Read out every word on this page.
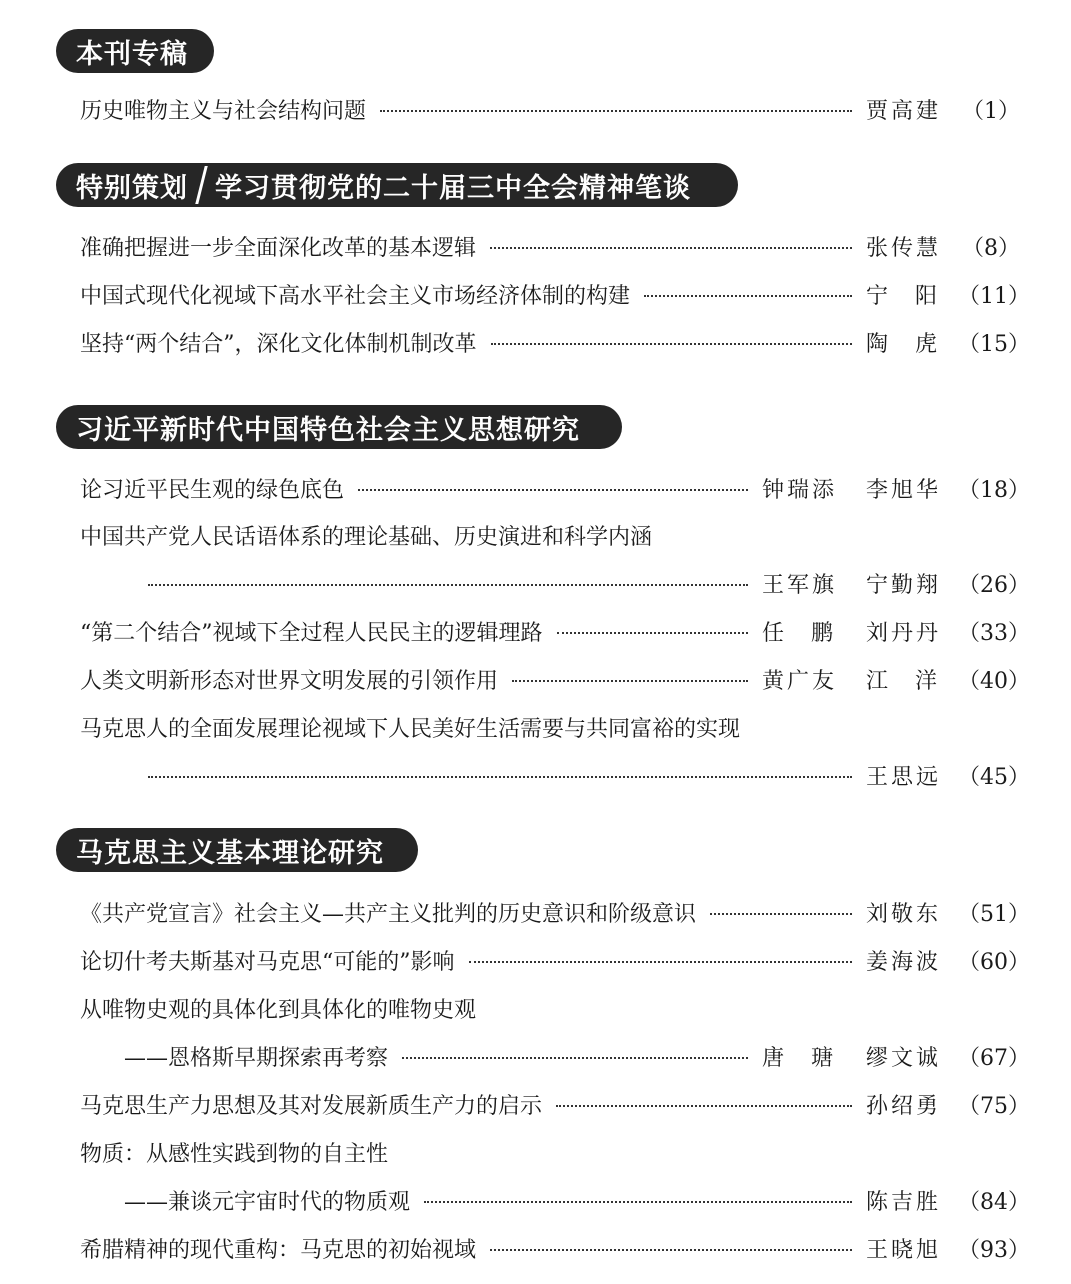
本刊专稿
历史唯物主义与社会结构问题	贾高建 （1）
特别策划 学习贯彻党的二十届三中全会精神笔谈
准确把握进一步全面深化改革的基本逻辑	张传慧 （8）
中国式现代化视域下高水平社会主义市场经济体制的构建	宁 阳 （11）
坚持“两个结合”，深化文化体制机制改革	陶 虎 （15）
习近平新时代中国特色社会主义思想研究
论习近平民生观的绿色底色	钟瑞添	李旭华 （18）
中国共产党人民话语体系的理论基础、历史演进和科学内涵
王军旗	宁勤翔 （26）
“第二个结合”视域下全过程人民民主的逻辑理路	任 鹏	刘丹丹 （33）
人类文明新形态对世界文明发展的引领作用	黄广友	江 洋 （40）
马克思人的全面发展理论视域下人民美好生活需要与共同富裕的实现
王思远 （45）
马克思主义基本理论研究
《共产党宣言》社会主义—共产主义批判的历史意识和阶级意识	刘敬东 （51）
论切什考夫斯基对马克思“可能的”影响	姜海波 （60）
从唯物史观的具体化到具体化的唯物史观
——恩格斯早期探索再考察	唐 瑭	缪文诚 （67）
马克思生产力思想及其对发展新质生产力的启示	孙绍勇 （75）
物质：从感性实践到物的自主性
——兼谈元宇宙时代的物质观	陈吉胜 （84）
希腊精神的现代重构：马克思的初始视域	王晓旭 （93）
